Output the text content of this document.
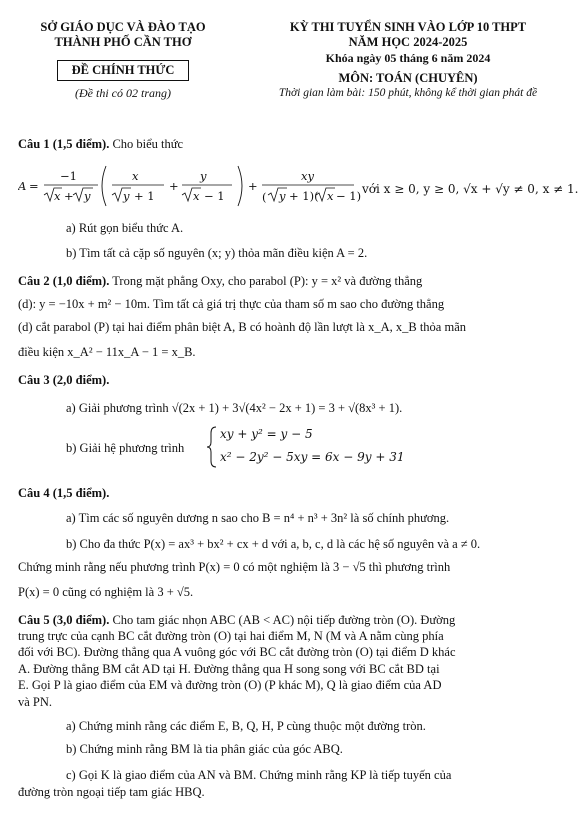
SỞ GIÁO DỤC VÀ ĐÀO TẠO
THÀNH PHỐ CẦN THƠ
ĐỀ CHÍNH THỨC
(Đề thi có 02 trang)
KỲ THI TUYỂN SINH VÀO LỚP 10 THPT
NĂM HỌC 2024-2025
Khóa ngày 05 tháng 6 năm 2024
MÔN: TOÁN (CHUYÊN)
Thời gian làm bài: 150 phút, không kể thời gian phát đề
Câu 1 (1,5 điểm). Cho biểu thức
A =
−1
x + y
x
y + 1
+
y
x − 1
+
xy
( y + 1)( x − 1) với x ≥ 0, y ≥ 0, √x + √y ≠ 0, x ≠ 1.
a) Rút gọn biểu thức A.
b) Tìm tất cả cặp số nguyên (x; y) thỏa mãn điều kiện A = 2.
Câu 2 (1,0 điểm). Trong mặt phẳng Oxy, cho parabol (P): y = x² và đường thẳng
(d): y = −10x + m² − 10m. Tìm tất cả giá trị thực của tham số m sao cho đường thẳng
(d) cắt parabol (P) tại hai điểm phân biệt A, B có hoành độ lần lượt là x_A, x_B thỏa mãn
điều kiện x_A² − 11x_A − 1 = x_B.
Câu 3 (2,0 điểm).
a) Giải phương trình √(2x + 1) + 3√(4x² − 2x + 1) = 3 + √(8x³ + 1).
b) Giải hệ phương trình
xy + y² = y − 5
x² − 2y² − 5xy = 6x − 9y + 31
Câu 4 (1,5 điểm).
a) Tìm các số nguyên dương n sao cho B = n⁴ + n³ + 3n² là số chính phương.
b) Cho đa thức P(x) = ax³ + bx² + cx + d với a, b, c, d là các hệ số nguyên và a ≠ 0.
Chứng minh rằng nếu phương trình P(x) = 0 có một nghiệm là 3 − √5 thì phương trình
P(x) = 0 cũng có nghiệm là 3 + √5.
Câu 5 (3,0 điểm). Cho tam giác nhọn ABC (AB < AC) nội tiếp đường tròn (O). Đường
trung trực của cạnh BC cắt đường tròn (O) tại hai điểm M, N (M và A nằm cùng phía
đối với BC). Đường thẳng qua A vuông góc với BC cắt đường tròn (O) tại điểm D khác
A. Đường thẳng BM cắt AD tại H. Đường thẳng qua H song song với BC cắt BD tại
E. Gọi P là giao điểm của EM và đường tròn (O) (P khác M), Q là giao điểm của AD
và PN.
a) Chứng minh rằng các điểm E, B, Q, H, P cùng thuộc một đường tròn.
b) Chứng minh rằng BM là tia phân giác của góc ABQ.
c) Gọi K là giao điểm của AN và BM. Chứng minh rằng KP là tiếp tuyến của
đường tròn ngoại tiếp tam giác HBQ.
